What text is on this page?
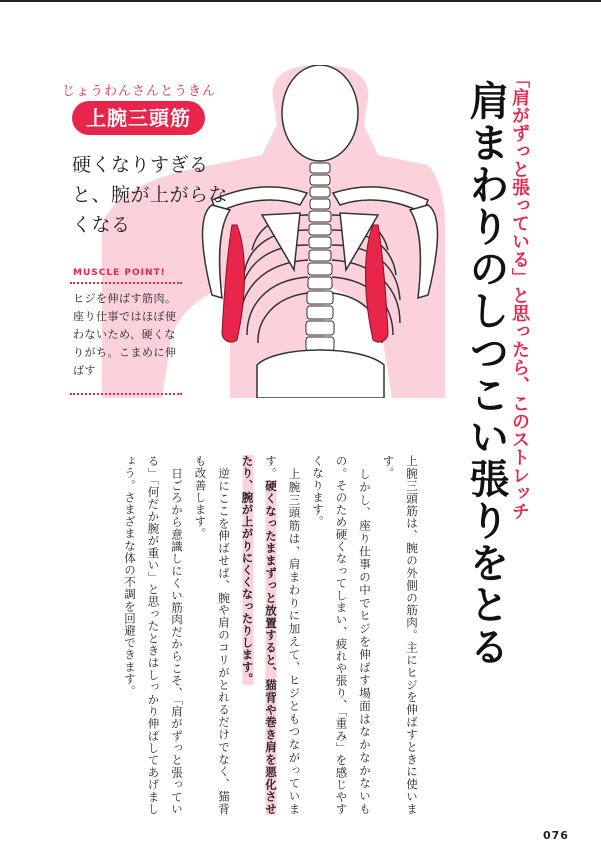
じょうわんさんとうきん
上腕三頭筋
硬くなりすぎると、腕が上がらなくなる
MUSCLE POINT!
ヒジを伸ばす筋肉。座り仕事ではほぼ使わないため、硬くなりがち。こまめに伸ばす	「肩がずっと張っている」と思ったら、このストレッチ
肩まわりのしつこい張りをとる

上腕三頭筋は、腕の外側の筋肉。主にヒジを伸ばすときに使います。

　しかし、座り仕事の中でヒジを伸ばす場面はなかなかないもの。そのため硬くなってしまい、疲れや張り、「重み」を感じやすくなります。

　上腕三頭筋は、肩まわりに加えて、ヒジともつながっています。硬くなったままずっと放置すると、猫背や巻き肩を悪化させたり、腕が上がりにくくなったりします。

　逆にここを伸ばせば、腕や肩のコリがとれるだけでなく、猫背も改善します。

　日ごろから意識しにくい筋肉だからこそ、「肩がずっと張っている」「何だか腕が重い」と思ったときはしっかり伸ばしてあげましょう。さまざまな体の不調を回避できます。

076
